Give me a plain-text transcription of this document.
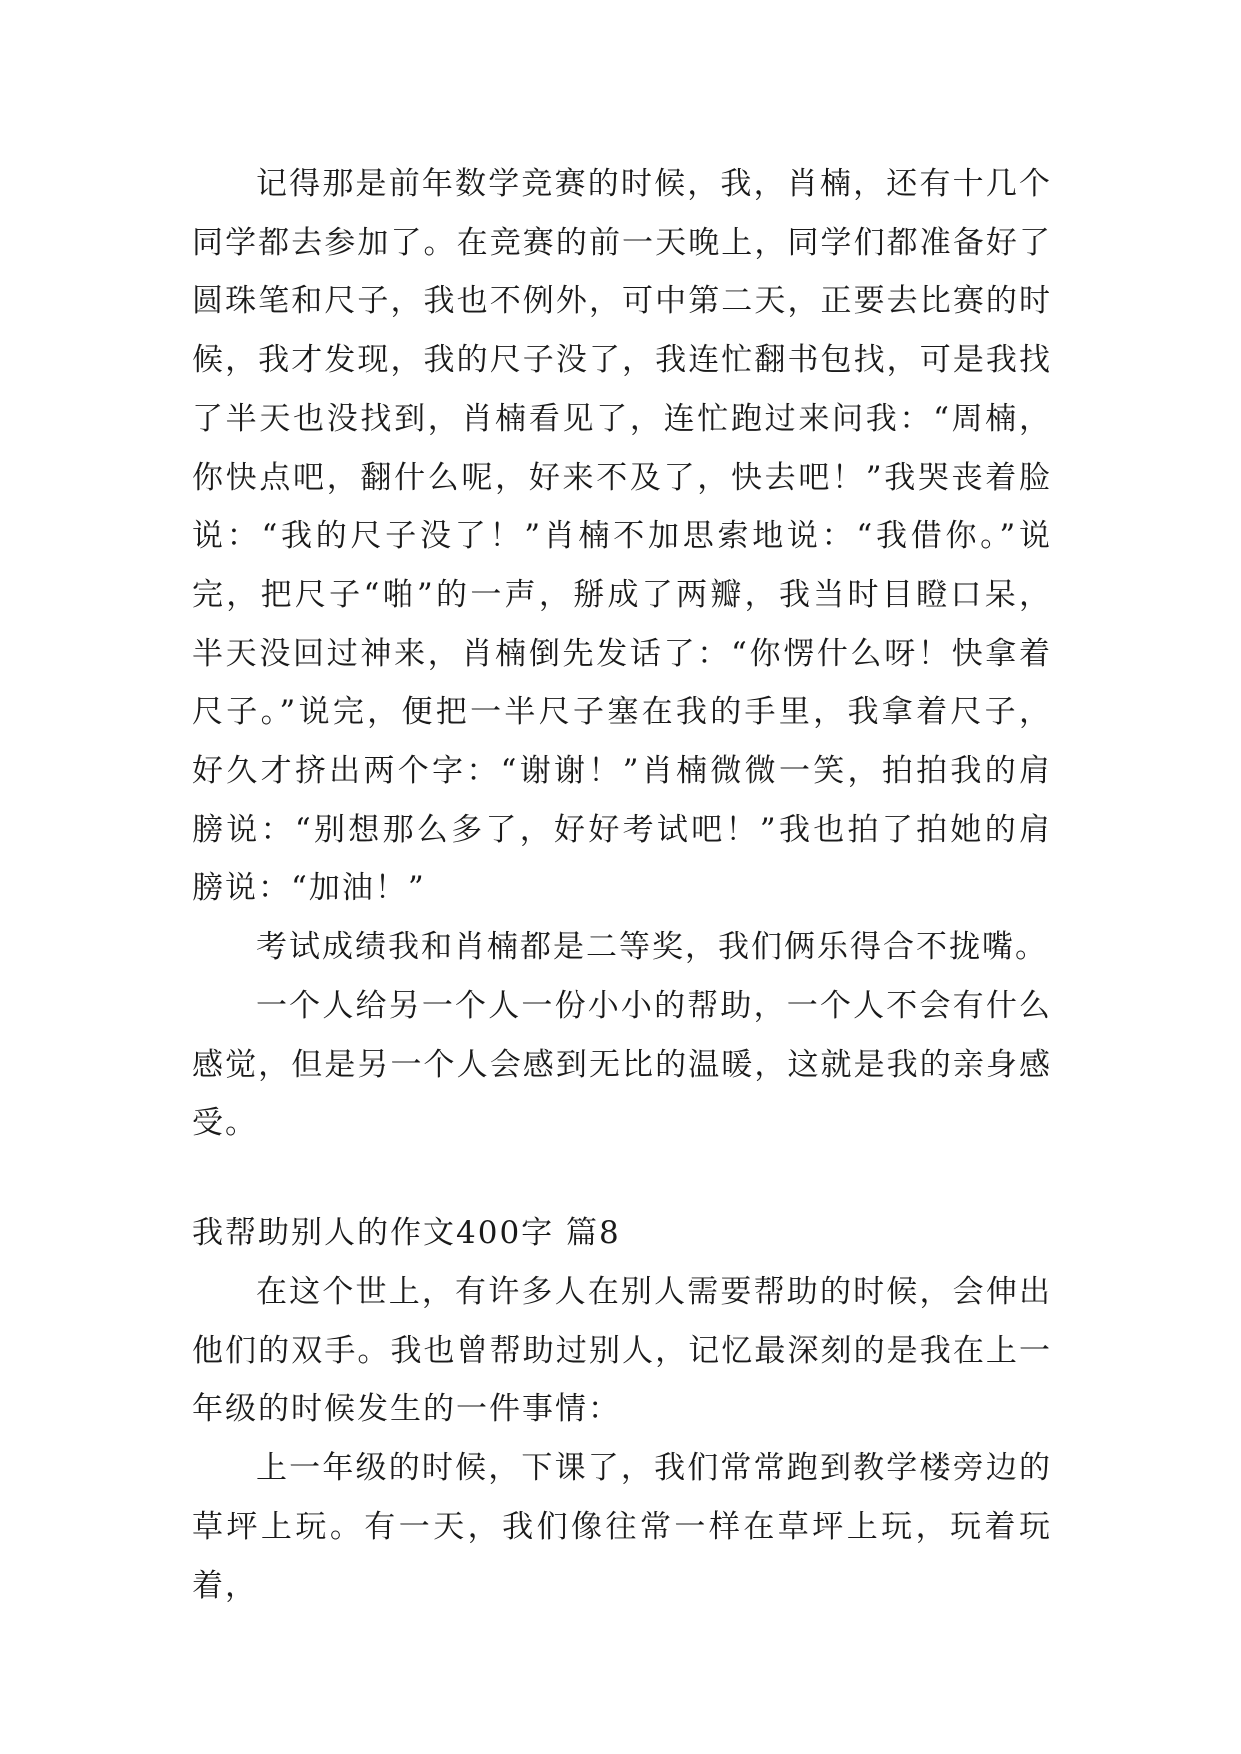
记得那是前年数学竞赛的时候，我，肖楠，还有十几个同学都去参加了。在竞赛的前一天晚上，同学们都准备好了圆珠笔和尺子，我也不例外，可中第二天，正要去比赛的时候，我才发现，我的尺子没了，我连忙翻书包找，可是我找了半天也没找到，肖楠看见了，连忙跑过来问我：“周楠，你快点吧，翻什么呢，好来不及了，快去吧！”我哭丧着脸说：“我的尺子没了！”肖楠不加思索地说：“我借你。”说完，把尺子“啪”的一声，掰成了两瓣，我当时目瞪口呆，半天没回过神来，肖楠倒先发话了：“你愣什么呀！快拿着尺子。”说完，便把一半尺子塞在我的手里，我拿着尺子，好久才挤出两个字：“谢谢！”肖楠微微一笑，拍拍我的肩膀说：“别想那么多了，好好考试吧！”我也拍了拍她的肩膀说：“加油！”

考试成绩我和肖楠都是二等奖，我们俩乐得合不拢嘴。

一个人给另一个人一份小小的帮助，一个人不会有什么感觉，但是另一个人会感到无比的温暖，这就是我的亲身感受。

我帮助别人的作文400字 篇8

在这个世上，有许多人在别人需要帮助的时候，会伸出他们的双手。我也曾帮助过别人，记忆最深刻的是我在上一年级的时候发生的一件事情：

上一年级的时候，下课了，我们常常跑到教学楼旁边的草坪上玩。有一天，我们像往常一样在草坪上玩，玩着玩着，
